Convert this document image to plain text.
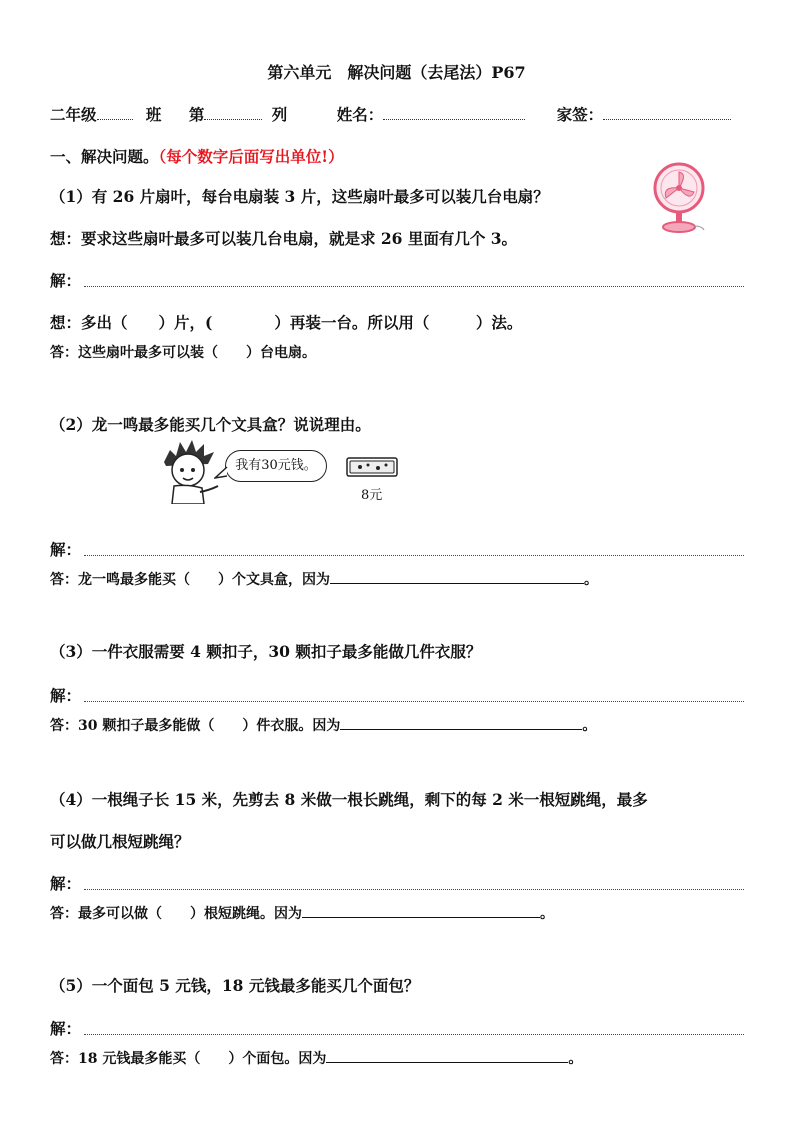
第六单元　解决问题（去尾法）P67
二年级	班 第	列	姓名：	家签：
一、解决问题。（每个数字后面写出单位!）
（1）有 26 片扇叶，每台电扇装 3 片，这些扇叶最多可以装几台电扇？
想：要求这些扇叶最多可以装几台电扇，就是求 26 里面有几个 3。
解：
想：多出（　　）片，(　　　　）再装一台。所以用（　　　）法。
答：这些扇叶最多可以装（　　）台电扇。
（2）龙一鸣最多能买几个文具盒？说说理由。
我有30元钱。
8元
解：
答：龙一鸣最多能买（　　）个文具盒，因为	。
（3）一件衣服需要 4 颗扣子，30 颗扣子最多能做几件衣服？
解：
答：30 颗扣子最多能做（　　）件衣服。因为	。
（4）一根绳子长 15 米，先剪去 8 米做一根长跳绳，剩下的每 2 米一根短跳绳，最多
可以做几根短跳绳？
解：
答：最多可以做（　　）根短跳绳。因为	。
（5）一个面包 5 元钱，18 元钱最多能买几个面包？
解：
答：18 元钱最多能买（　　）个面包。因为	。
